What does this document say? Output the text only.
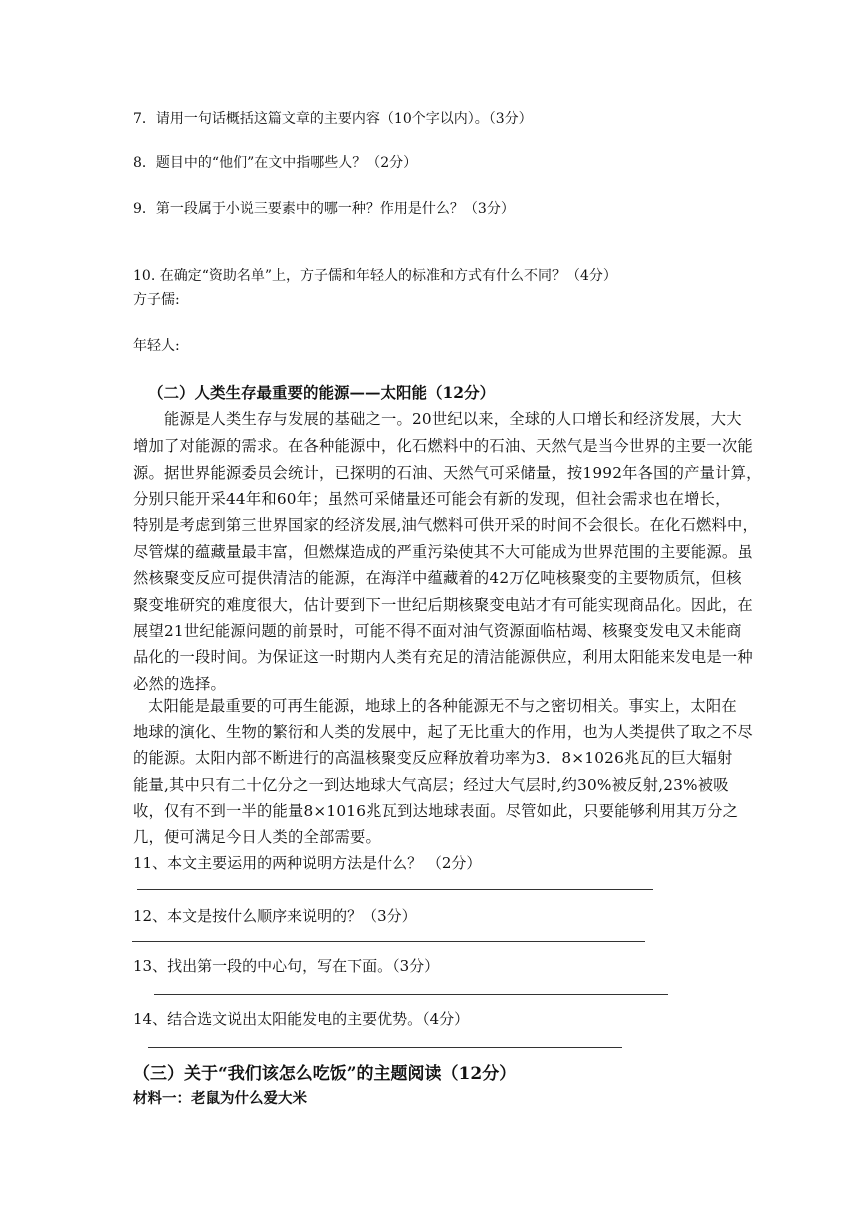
7．请用一句话概括这篇文章的主要内容（10个字以内）。（3分）
8．题目中的“他们”在文中指哪些人？（2分）
9．第一段属于小说三要素中的哪一种？作用是什么？（3分）
10. 在确定“资助名单”上，方子儒和年轻人的标准和方式有什么不同？（4分）
方子儒:
年轻人:
（二）人类生存最重要的能源——太阳能（12分）
能源是人类生存与发展的基础之一。20世纪以来，全球的人口增长和经济发展，大大
增加了对能源的需求。在各种能源中，化石燃料中的石油、天然气是当今世界的主要一次能
源。据世界能源委员会统计，已探明的石油、天然气可采储量，按1992年各国的产量计算，
分别只能开采44年和60年；虽然可采储量还可能会有新的发现，但社会需求也在增长，
特别是考虑到第三世界国家的经济发展,油气燃料可供开采的时间不会很长。在化石燃料中，
尽管煤的蕴藏量最丰富，但燃煤造成的严重污染使其不大可能成为世界范围的主要能源。虽
然核聚变反应可提供清洁的能源，在海洋中蕴藏着的42万亿吨核聚变的主要物质氘，但核
聚变堆研究的难度很大，估计要到下一世纪后期核聚变电站才有可能实现商品化。因此，在
展望21世纪能源问题的前景时，可能不得不面对油气资源面临枯竭、核聚变发电又未能商
品化的一段时间。为保证这一时期内人类有充足的清洁能源供应，利用太阳能来发电是一种
必然的选择。
太阳能是最重要的可再生能源，地球上的各种能源无不与之密切相关。事实上，太阳在
地球的演化、生物的繁衍和人类的发展中，起了无比重大的作用，也为人类提供了取之不尽
的能源。太阳内部不断进行的高温核聚变反应释放着功率为3．8×1026兆瓦的巨大辐射
能量,其中只有二十亿分之一到达地球大气高层；经过大气层时,约30%被反射,23%被吸
收，仅有不到一半的能量8×1016兆瓦到达地球表面。尽管如此，只要能够利用其万分之
几，便可满足今日人类的全部需要。
11、本文主要运用的两种说明方法是什么？ （2分）
12、本文是按什么顺序来说明的？（3分）
13、找出第一段的中心句，写在下面。（3分）
14、结合选文说出太阳能发电的主要优势。（4分）
（三）关于“我们该怎么吃饭”的主题阅读（12分）
材料一：老鼠为什么爱大米
